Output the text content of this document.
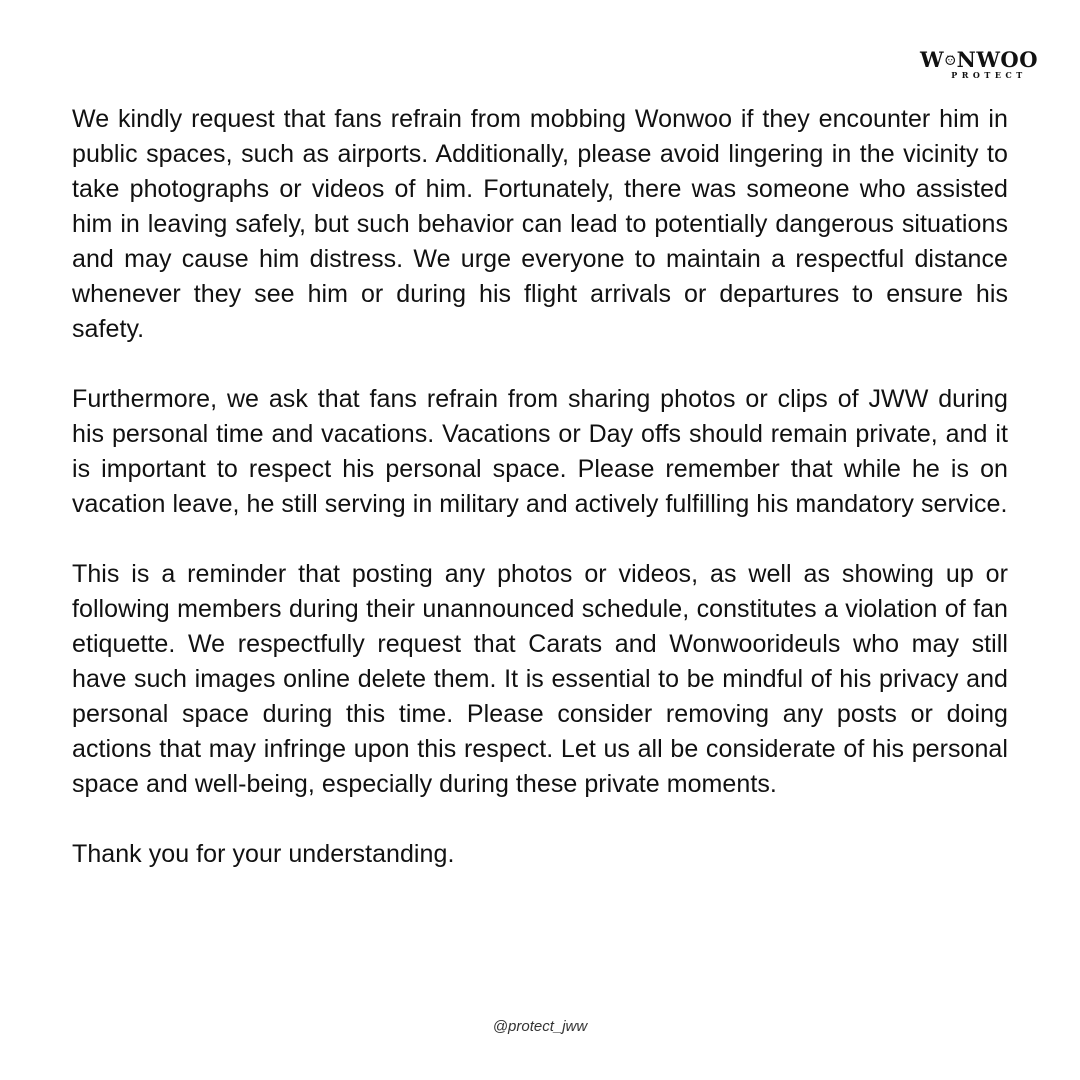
W NWOO
PROTECT

We kindly request that fans refrain from mobbing Wonwoo if they encounter him in public spaces, such as airports. Additionally, please avoid lingering in the vicinity to take photographs or videos of him. Fortunately, there was someone who assisted him in leaving safely, but such behavior can lead to potentially dangerous situations and may cause him distress. We urge everyone to maintain a respectful distance whenever they see him or during his flight arrivals or departures to ensure his safety.

Furthermore, we ask that fans refrain from sharing photos or clips of JWW during his personal time and vacations. Vacations or Day offs should remain private, and it is important to respect his personal space. Please remember that while he is on vacation leave, he still serving in military and actively fulfilling his mandatory service.

This is a reminder that posting any photos or videos, as well as showing up or following members during their unannounced schedule, constitutes a violation of fan etiquette. We respectfully request that Carats and Wonwoorideuls who may still have such images online delete them. It is essential to be mindful of his privacy and personal space during this time. Please consider removing any posts or doing actions that may infringe upon this respect. Let us all be considerate of his personal space and well-being, especially during these private moments.

Thank you for your understanding.

@protect_jww
